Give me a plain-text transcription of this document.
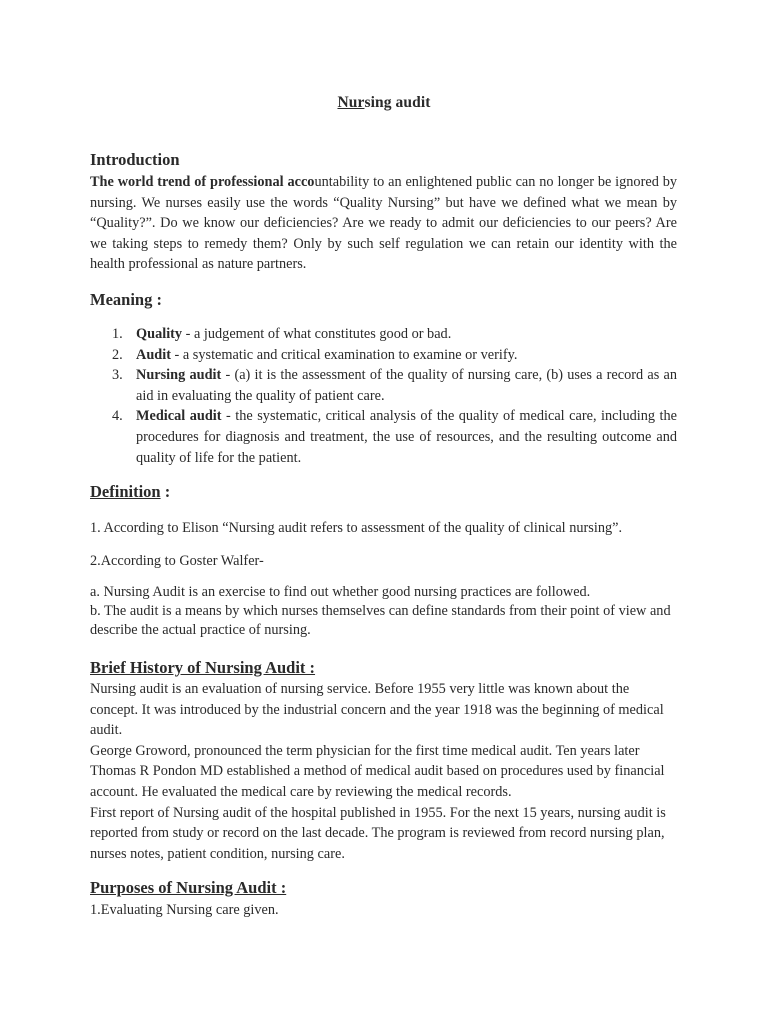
Nursing audit
Introduction

The world trend of professional accountability to an enlightened public can no longer be ignored by nursing. We nurses easily use the words “Quality Nursing” but have we defined what we mean by “Quality?”. Do we know our deficiencies? Are we ready to admit our deficiencies to our peers? Are we taking steps to remedy them? Only by such self regulation we can retain our identity with the health professional as nature partners.

Meaning :
1. Quality - a judgement of what constitutes good or bad.
2. Audit - a systematic and critical examination to examine or verify.
3. Nursing audit - (a) it is the assessment of the quality of nursing care, (b) uses a record as an aid in evaluating the quality of patient care.
4. Medical audit - the systematic, critical analysis of the quality of medical care, including the procedures for diagnosis and treatment, the use of resources, and the resulting outcome and quality of life for the patient.
Definition :

1. According to Elison “Nursing audit refers to assessment of the quality of clinical nursing”.

2.According to Goster Walfer-

a. Nursing Audit is an exercise to find out whether good nursing practices are followed.
b. The audit is a means by which nurses themselves can define standards from their point of view and describe the actual practice of nursing.

Brief History of Nursing Audit :

Nursing audit is an evaluation of nursing service. Before 1955 very little was known about the concept. It was introduced by the industrial concern and the year 1918 was the beginning of medical audit.
George Groword, pronounced the term physician for the first time medical audit. Ten years later Thomas R Pondon MD established a method of medical audit based on procedures used by financial account. He evaluated the medical care by reviewing the medical records.
First report of Nursing audit of the hospital published in 1955. For the next 15 years, nursing audit is reported from study or record on the last decade. The program is reviewed from record nursing plan, nurses notes, patient condition, nursing care.

Purposes of Nursing Audit :

1.Evaluating Nursing care given.
